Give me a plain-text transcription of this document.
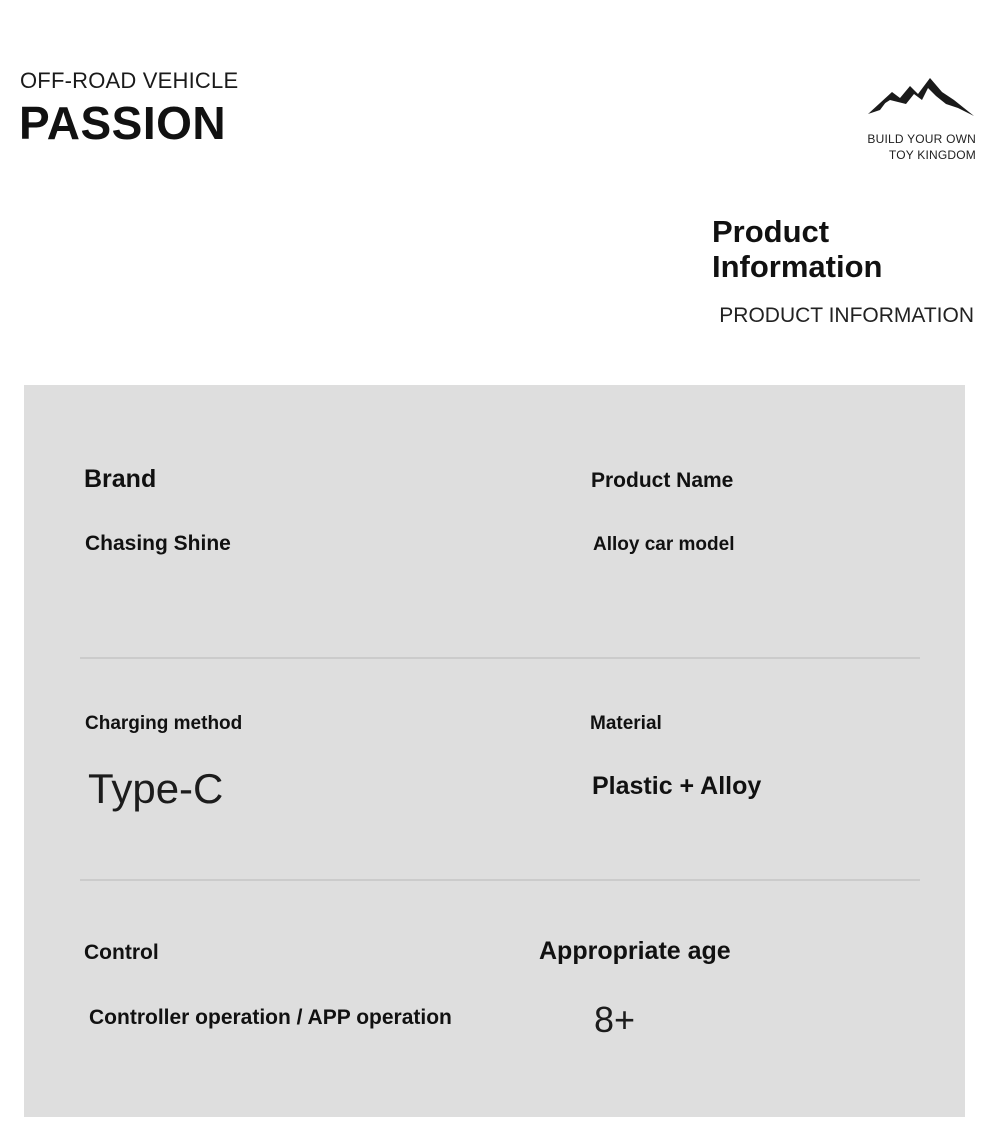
OFF-ROAD VEHICLE
PASSION	BUILD YOUR OWN
TOY KINGDOM
Product
Information
PRODUCT INFORMATION
Brand
Chasing Shine
Product Name
Alloy car model
Charging method
Type-C
Material
Plastic + Alloy
Control
Controller operation / APP operation
Appropriate age
8+
